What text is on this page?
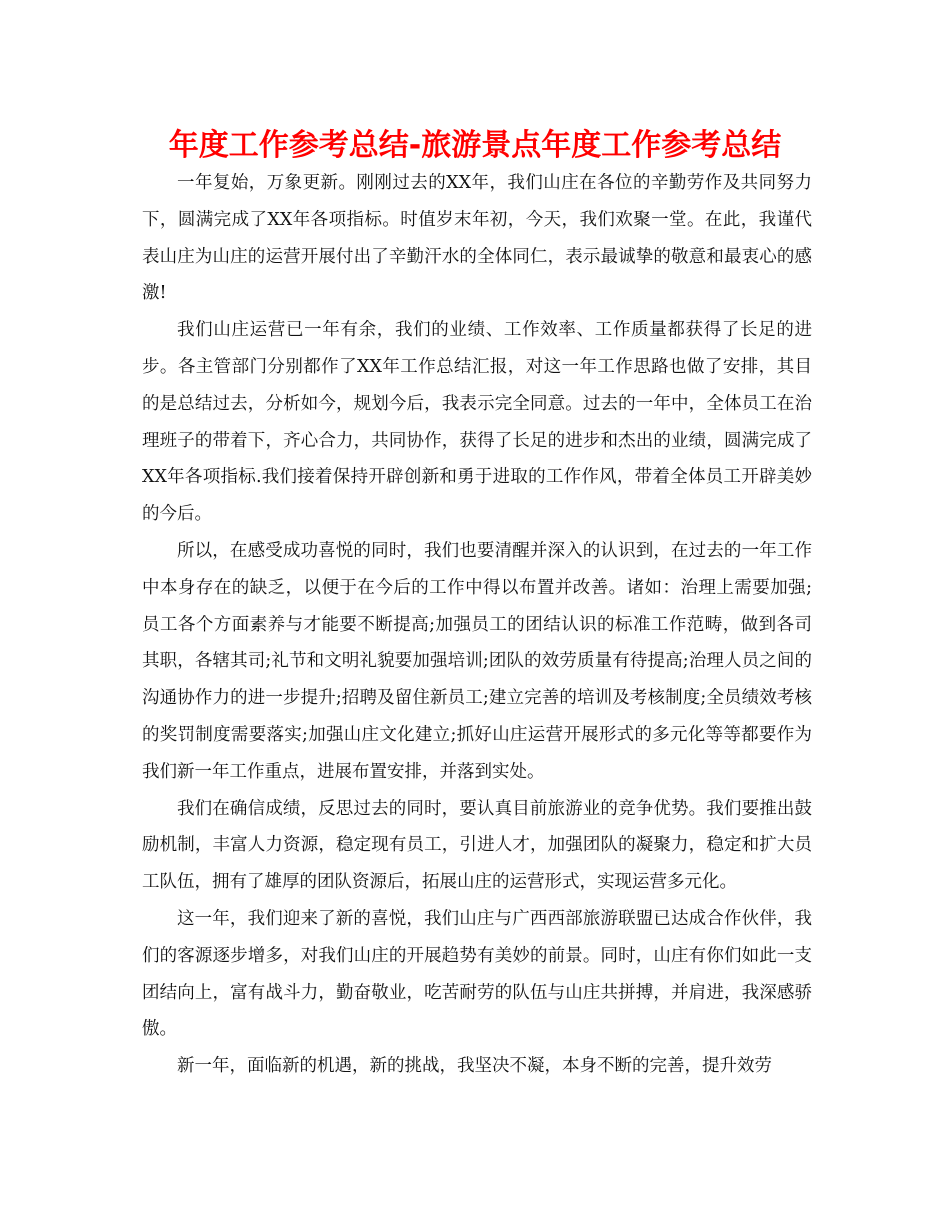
年度工作参考总结-旅游景点年度工作参考总结

一年复始，万象更新。刚刚过去的XX年，我们山庄在各位的辛勤劳作及共同努力下，圆满完成了XX年各项指标。时值岁末年初，今天，我们欢聚一堂。在此，我谨代表山庄为山庄的运营开展付出了辛勤汗水的全体同仁，表示最诚挚的敬意和最衷心的感激!

我们山庄运营已一年有余，我们的业绩、工作效率、工作质量都获得了长足的进步。各主管部门分别都作了XX年工作总结汇报，对这一年工作思路也做了安排，其目的是总结过去，分析如今，规划今后，我表示完全同意。过去的一年中，全体员工在治理班子的带着下，齐心合力，共同协作，获得了长足的进步和杰出的业绩，圆满完成了XX年各项指标.我们接着保持开辟创新和勇于进取的工作作风，带着全体员工开辟美妙的今后。

所以，在感受成功喜悦的同时，我们也要清醒并深入的认识到，在过去的一年工作中本身存在的缺乏，以便于在今后的工作中得以布置并改善。诸如：治理上需要加强;员工各个方面素养与才能要不断提高;加强员工的团结认识的标准工作范畴，做到各司其职，各辖其司;礼节和文明礼貌要加强培训;团队的效劳质量有待提高;治理人员之间的沟通协作力的进一步提升;招聘及留住新员工;建立完善的培训及考核制度;全员绩效考核的奖罚制度需要落实;加强山庄文化建立;抓好山庄运营开展形式的多元化等等都要作为我们新一年工作重点，进展布置安排，并落到实处。

我们在确信成绩，反思过去的同时，要认真目前旅游业的竞争优势。我们要推出鼓励机制，丰富人力资源，稳定现有员工，引进人才，加强团队的凝聚力，稳定和扩大员工队伍，拥有了雄厚的团队资源后，拓展山庄的运营形式，实现运营多元化。

这一年，我们迎来了新的喜悦，我们山庄与广西西部旅游联盟已达成合作伙伴，我们的客源逐步增多，对我们山庄的开展趋势有美妙的前景。同时，山庄有你们如此一支团结向上，富有战斗力，勤奋敬业，吃苦耐劳的队伍与山庄共拼搏，并肩进，我深感骄傲。

新一年，面临新的机遇，新的挑战，我坚决不凝，本身不断的完善，提升效劳
